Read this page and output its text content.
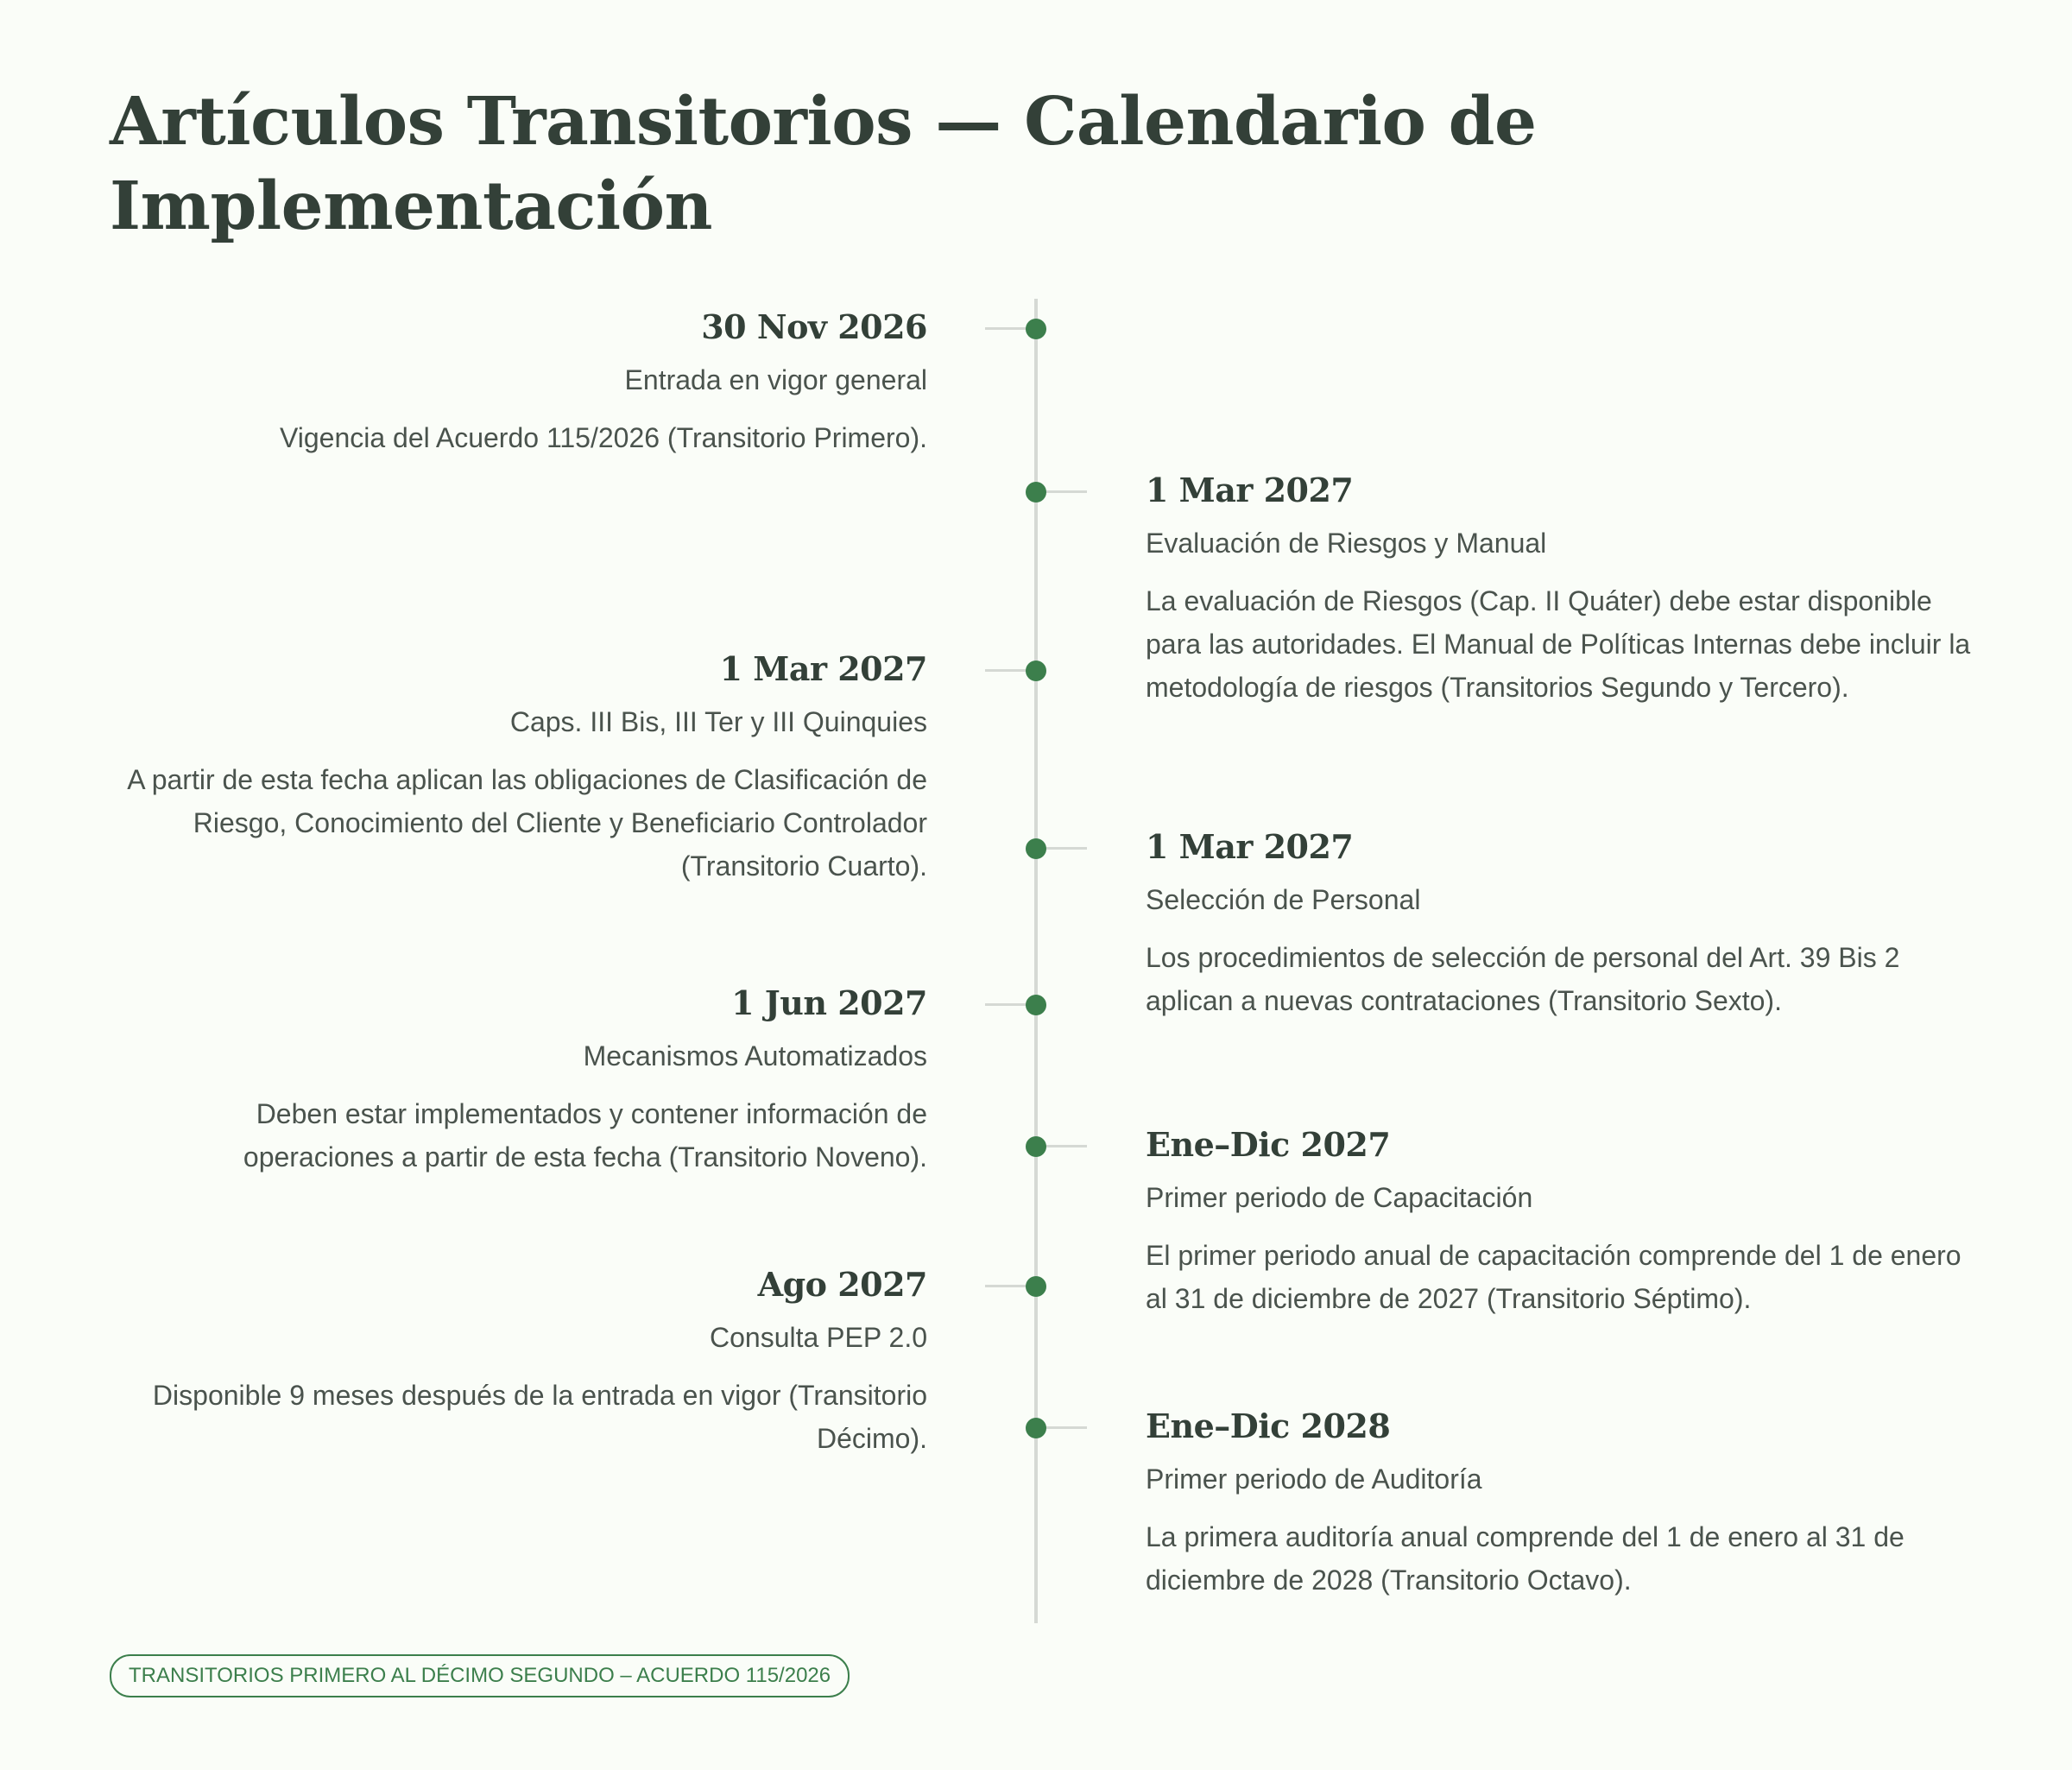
Artículos Transitorios — Calendario de Implementación
30 Nov 2026
Entrada en vigor general
Vigencia del Acuerdo 115/2026 (Transitorio Primero).
1 Mar 2027
Evaluación de Riesgos y Manual
La evaluación de Riesgos (Cap. II Quáter) debe estar disponible para las autoridades. El Manual de Políticas Internas debe incluir la metodología de riesgos (Transitorios Segundo y Tercero).
1 Mar 2027
Caps. III Bis, III Ter y III Quinquies
A partir de esta fecha aplican las obligaciones de Clasificación de Riesgo, Conocimiento del Cliente y Beneficiario Controlador (Transitorio Cuarto).	1 Mar 2027
Selección de Personal
Los procedimientos de selección de personal del Art. 39 Bis 2 aplican a nuevas contrataciones (Transitorio Sexto).
1 Jun 2027
Mecanismos Automatizados
Deben estar implementados y contener información de operaciones a partir de esta fecha (Transitorio Noveno).	Ene–Dic 2027
Primer periodo de Capacitación
El primer periodo anual de capacitación comprende del 1 de enero al 31 de diciembre de 2027 (Transitorio Séptimo).
Ago 2027
Consulta PEP 2.0
Disponible 9 meses después de la entrada en vigor (Transitorio Décimo).	Ene–Dic 2028
Primer periodo de Auditoría
La primera auditoría anual comprende del 1 de enero al 31 de diciembre de 2028 (Transitorio Octavo).
TRANSITORIOS PRIMERO AL DÉCIMO SEGUNDO – ACUERDO 115/2026
